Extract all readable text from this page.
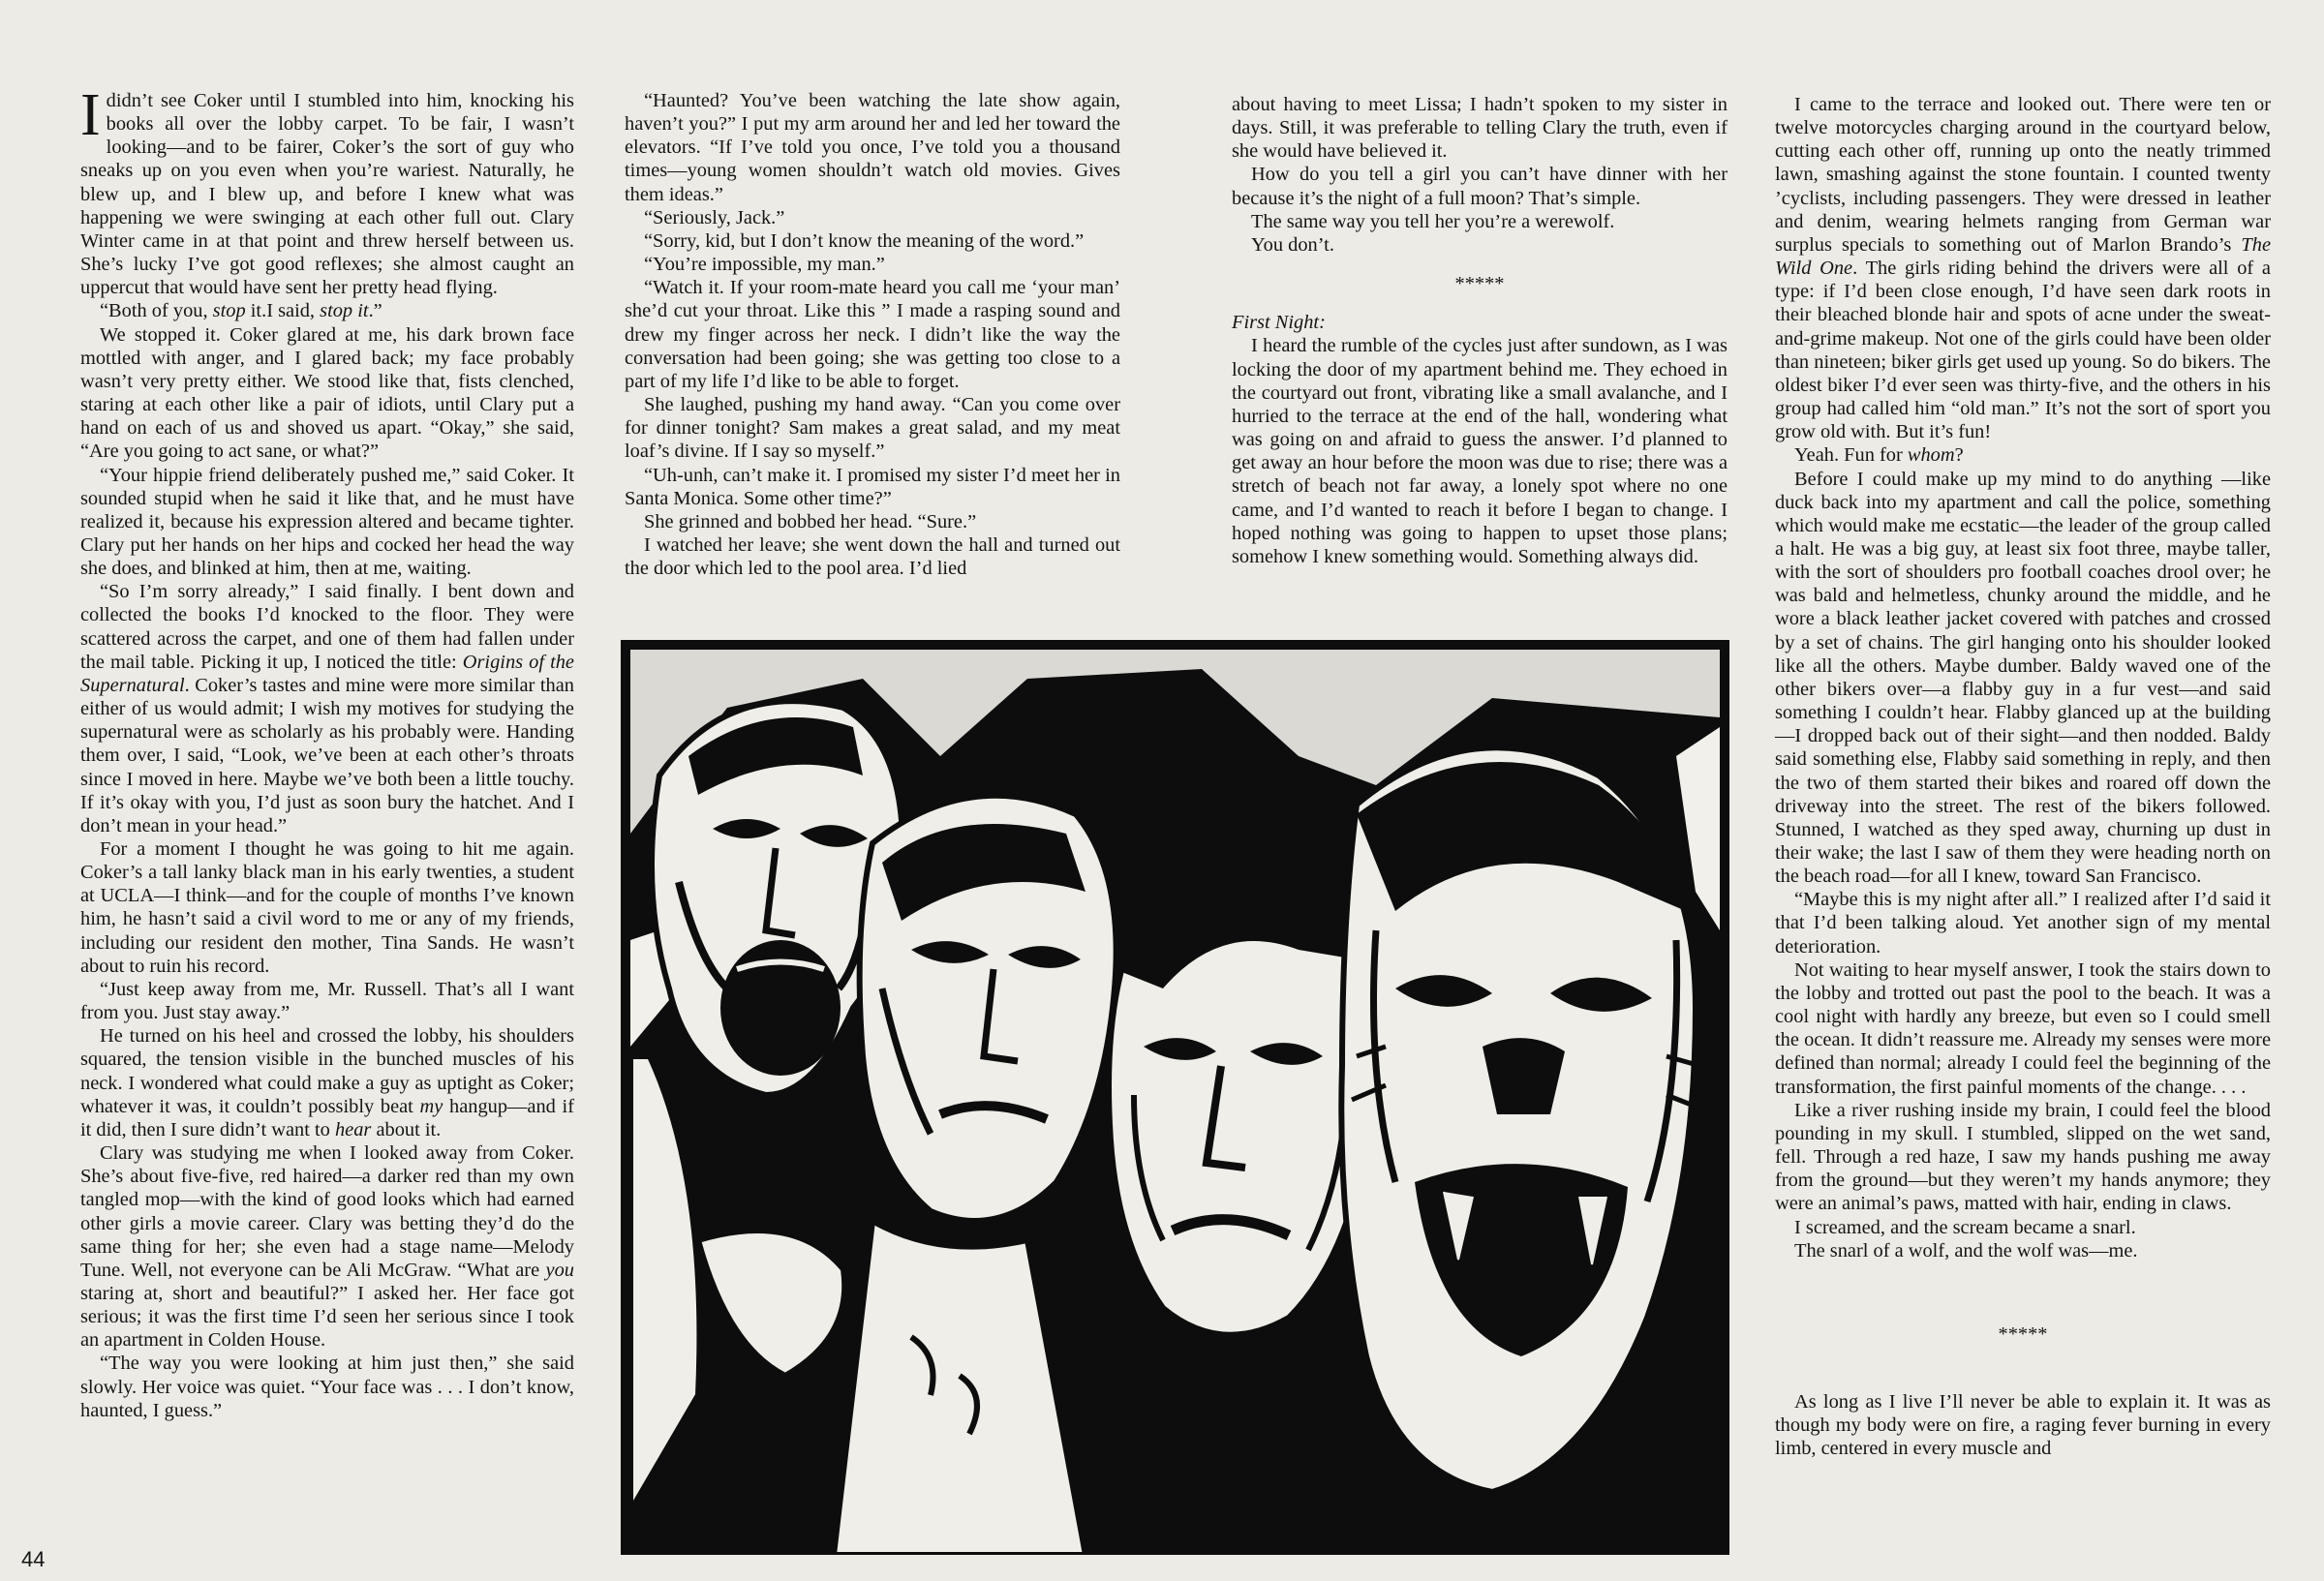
Ididn’t see Coker until I stumbled into him, knocking his books all over the lobby carpet. To be fair, I wasn’t looking—and to be fairer, Coker’s the sort of guy who sneaks up on you even when you’re wariest. Naturally, he blew up, and I blew up, and before I knew what was happening we were swinging at each other full out. Clary Winter came in at that point and threw herself between us. She’s lucky I’ve got good reflexes; she almost caught an uppercut that would have sent her pretty head flying.

“Both of you, stop it.I said, stop it.”

We stopped it. Coker glared at me, his dark brown face mottled with anger, and I glared back; my face probably wasn’t very pretty either. We stood like that, fists clenched, staring at each other like a pair of idiots, until Clary put a hand on each of us and shoved us apart. “Okay,” she said, “Are you going to act sane, or what?”

“Your hippie friend deliberately pushed me,” said Coker. It sounded stupid when he said it like that, and he must have realized it, because his expression altered and became tighter. Clary put her hands on her hips and cocked her head the way she does, and blinked at him, then at me, waiting.

“So I’m sorry already,” I said finally. I bent down and collected the books I’d knocked to the floor. They were scattered across the carpet, and one of them had fallen under the mail table. Picking it up, I noticed the title: Origins of the Supernatural. Coker’s tastes and mine were more similar than either of us would admit; I wish my motives for studying the supernatural were as scholarly as his probably were. Handing them over, I said, “Look, we’ve been at each other’s throats since I moved in here. Maybe we’ve both been a little touchy. If it’s okay with you, I’d just as soon bury the hatchet. And I don’t mean in your head.”

For a moment I thought he was going to hit me again. Coker’s a tall lanky black man in his early twenties, a student at UCLA—I think—and for the couple of months I’ve known him, he hasn’t said a civil word to me or any of my friends, including our resident den mother, Tina Sands. He wasn’t about to ruin his record.

“Just keep away from me, Mr. Russell. That’s all I want from you. Just stay away.”

He turned on his heel and crossed the lobby, his shoulders squared, the tension visible in the bunched muscles of his neck. I wondered what could make a guy as uptight as Coker; whatever it was, it couldn’t possibly beat my hangup—and if it did, then I sure didn’t want to hear about it.

Clary was studying me when I looked away from Coker. She’s about five-five, red haired—a darker red than my own tangled mop—with the kind of good looks which had earned other girls a movie career. Clary was betting they’d do the same thing for her; she even had a stage name—Melody Tune. Well, not everyone can be Ali McGraw. “What are you staring at, short and beautiful?” I asked her. Her face got serious; it was the first time I’d seen her serious since I took an apartment in Colden House.

“The way you were looking at him just then,” she said slowly. Her voice was quiet. “Your face was . . . I don’t know, haunted, I guess.”

44

“Haunted? You’ve been watching the late show again, haven’t you?” I put my arm around her and led her toward the elevators. “If I’ve told you once, I’ve told you a thousand times—young women shouldn’t watch old movies. Gives them ideas.”

“Seriously, Jack.”

“Sorry, kid, but I don’t know the meaning of the word.”

“You’re impossible, my man.”

“Watch it. If your room-mate heard you call me ‘your man’ she’d cut your throat. Like this ” I made a rasping sound and drew my finger across her neck. I didn’t like the way the conversation had been going; she was getting too close to a part of my life I’d like to be able to forget.

She laughed, pushing my hand away. “Can you come over for dinner tonight? Sam makes a great salad, and my meat loaf’s divine. If I say so myself.”

“Uh-unh, can’t make it. I promised my sister I’d meet her in Santa Monica. Some other time?”

She grinned and bobbed her head. “Sure.”

I watched her leave; she went down the hall and turned out the door which led to the pool area. I’d lied

about having to meet Lissa; I hadn’t spoken to my sister in days. Still, it was preferable to telling Clary the truth, even if she would have believed it.

How do you tell a girl you can’t have dinner with her because it’s the night of a full moon? That’s simple.

The same way you tell her you’re a werewolf.

You don’t.

*****

First Night:

I heard the rumble of the cycles just after sundown, as I was locking the door of my apartment behind me. They echoed in the courtyard out front, vibrating like a small avalanche, and I hurried to the terrace at the end of the hall, wondering what was going on and afraid to guess the answer. I’d planned to get away an hour before the moon was due to rise; there was a stretch of beach not far away, a lonely spot where no one came, and I’d wanted to reach it before I began to change. I hoped nothing was going to happen to upset those plans; somehow I knew something would. Something always did.

I came to the terrace and looked out. There were ten or twelve motorcycles charging around in the courtyard below, cutting each other off, running up onto the neatly trimmed lawn, smashing against the stone fountain. I counted twenty ’cyclists, including passengers. They were dressed in leather and denim, wearing helmets ranging from German war surplus specials to something out of Marlon Brando’s The Wild One. The girls riding behind the drivers were all of a type: if I’d been close enough, I’d have seen dark roots in their bleached blonde hair and spots of acne under the sweat-and-grime makeup. Not one of the girls could have been older than nineteen; biker girls get used up young. So do bikers. The oldest biker I’d ever seen was thirty-five, and the others in his group had called him “old man.” It’s not the sort of sport you grow old with. But it’s fun!

Yeah. Fun for whom?

Before I could make up my mind to do anything —like duck back into my apartment and call the police, something which would make me ecstatic—the leader of the group called a halt. He was a big guy, at least six foot three, maybe taller, with the sort of shoulders pro football coaches drool over; he was bald and helmetless, chunky around the middle, and he wore a black leather jacket covered with patches and crossed by a set of chains. The girl hanging onto his shoulder looked like all the others. Maybe dumber. Baldy waved one of the other bikers over—a flabby guy in a fur vest—and said something I couldn’t hear. Flabby glanced up at the building—I dropped back out of their sight—and then nodded. Baldy said something else, Flabby said something in reply, and then the two of them started their bikes and roared off down the driveway into the street. The rest of the bikers followed. Stunned, I watched as they sped away, churning up dust in their wake; the last I saw of them they were heading north on the beach road—for all I knew, toward San Francisco.

“Maybe this is my night after all.” I realized after I’d said it that I’d been talking aloud. Yet another sign of my mental deterioration.

Not waiting to hear myself answer, I took the stairs down to the lobby and trotted out past the pool to the beach. It was a cool night with hardly any breeze, but even so I could smell the ocean. It didn’t reassure me. Already my senses were more defined than normal; already I could feel the beginning of the transformation, the first painful moments of the change. . . .

Like a river rushing inside my brain, I could feel the blood pounding in my skull. I stumbled, slipped on the wet sand, fell. Through a red haze, I saw my hands pushing me away from the ground—but they weren’t my hands anymore; they were an animal’s paws, matted with hair, ending in claws.

I screamed, and the scream became a snarl.

The snarl of a wolf, and the wolf was—me.

*****

As long as I live I’ll never be able to explain it. It was as though my body were on fire, a raging fever burning in every limb, centered in every muscle and
